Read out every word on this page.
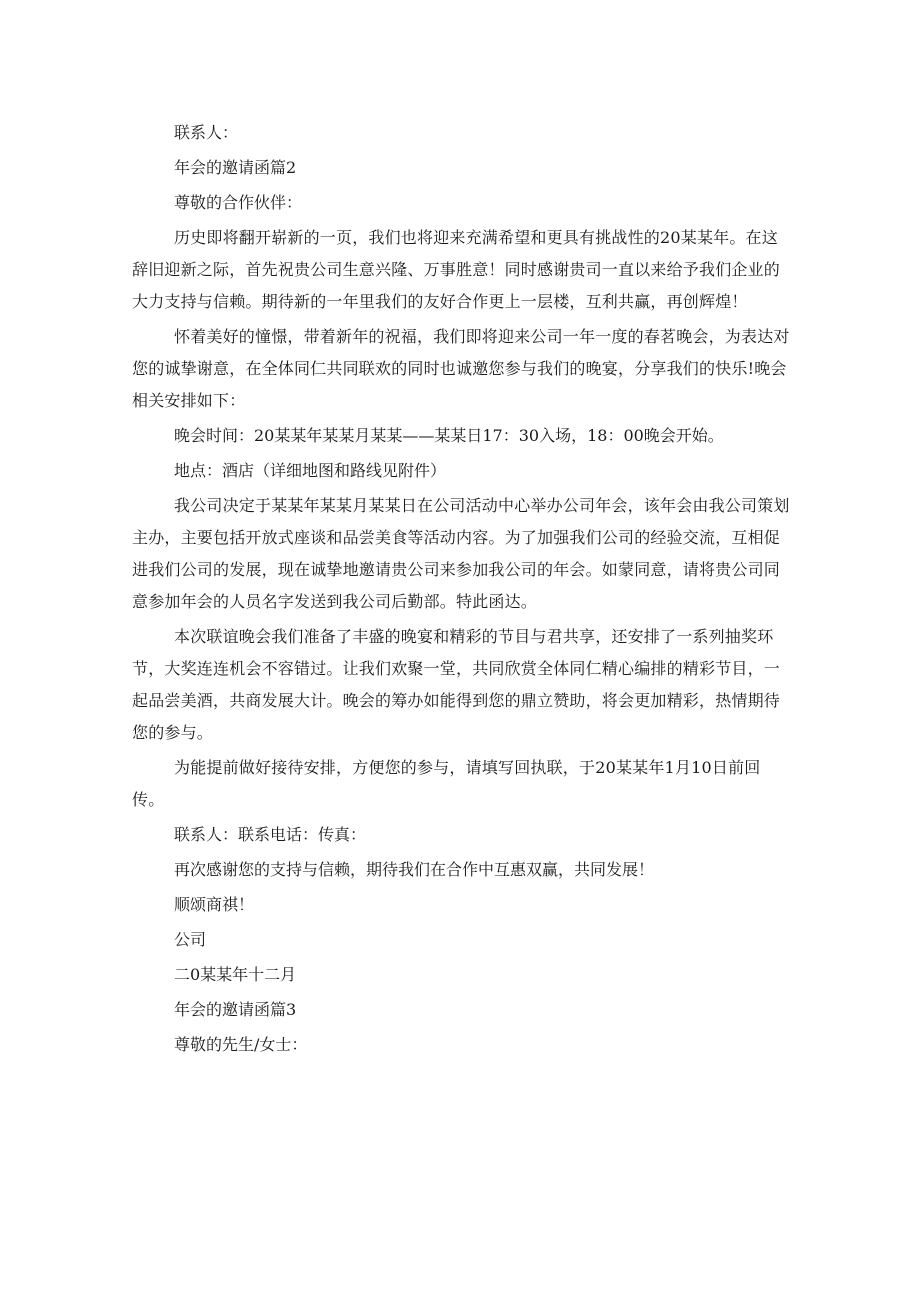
联系人：

年会的邀请函篇2

尊敬的合作伙伴：

历史即将翻开崭新的一页，我们也将迎来充满希望和更具有挑战性的20某某年。在这辞旧迎新之际，首先祝贵公司生意兴隆、万事胜意！同时感谢贵司一直以来给予我们企业的大力支持与信赖。期待新的一年里我们的友好合作更上一层楼，互利共赢，再创辉煌！

怀着美好的憧憬，带着新年的祝福，我们即将迎来公司一年一度的春茗晚会，为表达对您的诚挚谢意，在全体同仁共同联欢的同时也诚邀您参与我们的晚宴，分享我们的快乐!晚会相关安排如下：

晚会时间：20某某年某某月某某——某某日17：30入场，18：00晚会开始。

地点：酒店（详细地图和路线见附件）

我公司决定于某某年某某月某某日在公司活动中心举办公司年会，该年会由我公司策划主办，主要包括开放式座谈和品尝美食等活动内容。为了加强我们公司的经验交流，互相促进我们公司的发展，现在诚挚地邀请贵公司来参加我公司的年会。如蒙同意，请将贵公司同意参加年会的人员名字发送到我公司后勤部。特此函达。

本次联谊晚会我们准备了丰盛的晚宴和精彩的节目与君共享，还安排了一系列抽奖环节，大奖连连机会不容错过。让我们欢聚一堂，共同欣赏全体同仁精心编排的精彩节目，一起品尝美酒，共商发展大计。晚会的筹办如能得到您的鼎立赞助，将会更加精彩，热情期待您的参与。

为能提前做好接待安排，方便您的参与，请填写回执联，于20某某年1月10日前回传。

联系人：联系电话：传真：

再次感谢您的支持与信赖，期待我们在合作中互惠双赢，共同发展！

顺颂商祺！

公司

二0某某年十二月

年会的邀请函篇3

尊敬的先生/女士：
